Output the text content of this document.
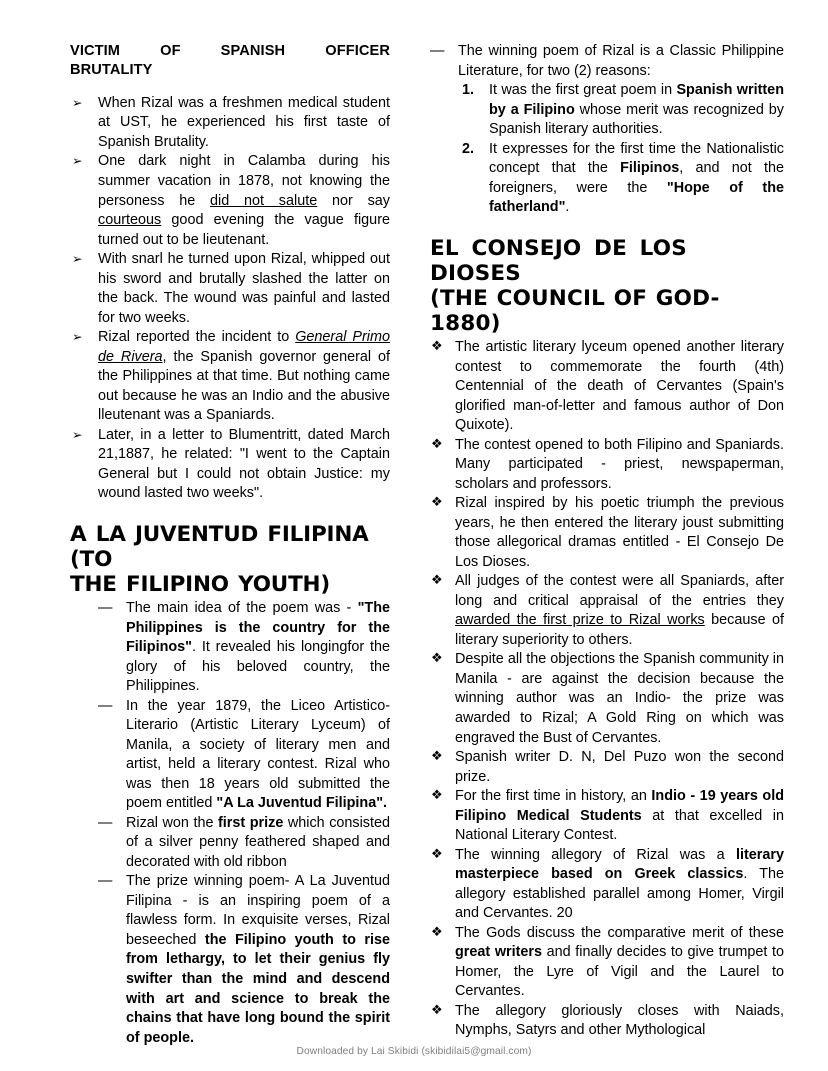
VICTIM OF SPANISH OFFICER
BRUTALITY
➢ When Rizal was a freshmen medical student at UST, he experienced his first taste of Spanish Brutality.
➢ One dark night in Calamba during his summer vacation in 1878, not knowing the personess he did not salute nor say courteous good evening the vague figure turned out to be lieutenant.
➢ With snarl he turned upon Rizal, whipped out his sword and brutally slashed the latter on the back. The wound was painful and lasted for two weeks.
➢ Rizal reported the incident to General Primo de Rivera, the Spanish governor general of the Philippines at that time. But nothing came out because he was an Indio and the abusive lleutenant was a Spaniards.
➢ Later, in a letter to Blumentritt, dated March 21,1887, he related: "I went to the Captain General but I could not obtain Justice: my wound lasted two weeks".
A LA JUVENTUD FILIPINA (TO
THE FILIPINO YOUTH)
— The main idea of the poem was - "The Philippines is the country for the Filipinos". It revealed his longingfor the glory of his beloved country, the Philippines.
— In the year 1879, the Liceo Artistico-Literario (Artistic Literary Lyceum) of Manila, a society of literary men and artist, held a literary contest. Rizal who was then 18 years old submitted the poem entitled "A La Juventud Filipina".
— Rizal won the first prize which consisted of a silver penny feathered shaped and decorated with old ribbon
— The prize winning poem- A La Juventud Filipina - is an inspiring poem of a flawless form. In exquisite verses, Rizal beseeched the Filipino youth to rise from lethargy, to let their genius fly swifter than the mind and descend with art and science to break the chains that have long bound the spirit of people.
— The winning poem of Rizal is a Classic Philippine Literature, for two (2) reasons:
1. It was the first great poem in Spanish written by a Filipino whose merit was recognized by Spanish literary authorities.
2. It expresses for the first time the Nationalistic concept that the Filipinos, and not the foreigners, were the "Hope of the fatherland".
EL CONSEJO DE LOS DIOSES
(THE COUNCIL OF GOD-1880)
❖ The artistic literary lyceum opened another literary contest to commemorate the fourth (4th) Centennial of the death of Cervantes (Spain's glorified man-of-letter and famous author of Don Quixote).
❖ The contest opened to both Filipino and Spaniards. Many participated - priest, newspaperman, scholars and professors.
❖ Rizal inspired by his poetic triumph the previous years, he then entered the literary joust submitting those allegorical dramas entitled - El Consejo De Los Dioses.
❖ All judges of the contest were all Spaniards, after long and critical appraisal of the entries they awarded the first prize to Rizal works because of literary superiority to others.
❖ Despite all the objections the Spanish community in Manila - are against the decision because the winning author was an Indio- the prize was awarded to Rizal; A Gold Ring on which was engraved the Bust of Cervantes.
❖ Spanish writer D. N, Del Puzo won the second prize.
❖ For the first time in history, an Indio - 19 years old Filipino Medical Students at that excelled in National Literary Contest.
❖ The winning allegory of Rizal was a literary masterpiece based on Greek classics. The allegory established parallel among Homer, Virgil and Cervantes. 20
❖ The Gods discuss the comparative merit of these great writers and finally decides to give trumpet to Homer, the Lyre of Vigil and the Laurel to Cervantes.
❖ The allegory gloriously closes with Naiads, Nymphs, Satyrs and other Mythological
Downloaded by Lai Skibidi (skibidilai5@gmail.com)
